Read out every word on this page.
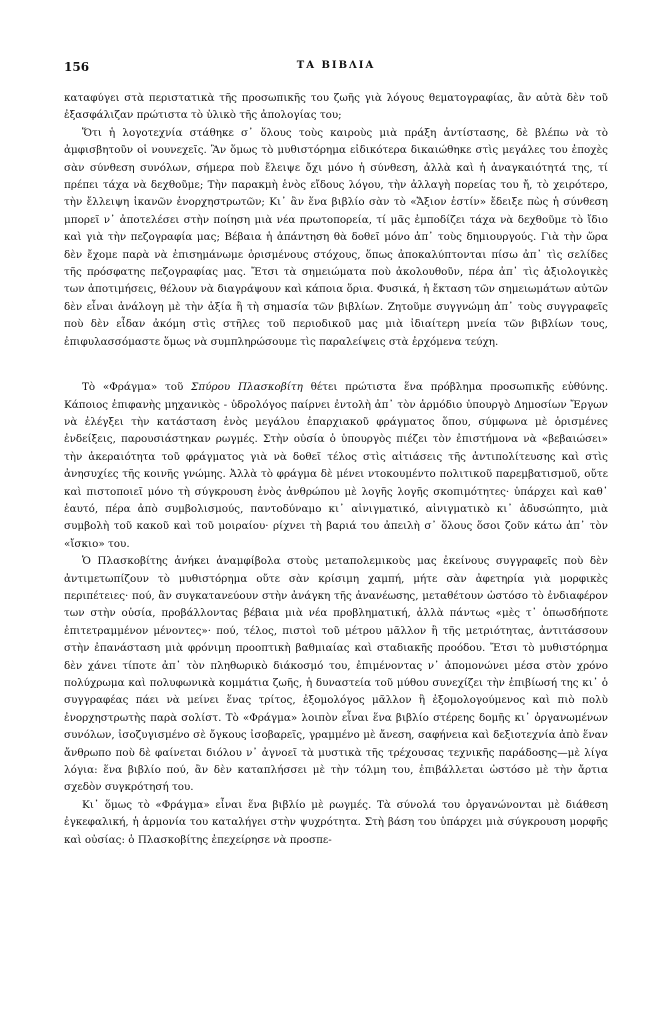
156	ΤΑ ΒΙΒΛΙΑ

καταφύγει στὰ περιστατικὰ τῆς προσωπικῆς του ζωῆς γιὰ λόγους θεματογραφίας, ἂν αὐτὰ δὲν τοῦ ἐξασφάλιζαν πρώτιστα τὸ ὑλικὸ τῆς ἀπολογίας του;

Ὅτι ἡ λογοτεχνία στάθηκε σ᾿ ὅλους τοὺς καιροὺς μιὰ πράξη ἀντίστασης, δὲ βλέπω νὰ τὸ ἀμφισβητοῦν οἱ νουνεχεῖς. Ἂν ὅμως τὸ μυθιστόρημα εἰδικότερα δικαιώθηκε στὶς μεγάλες του ἐποχὲς σὰν σύνθεση συνόλων, σήμερα ποὺ ἔλειψε ὄχι μόνο ἡ σύνθεση, ἀλλὰ καὶ ἡ ἀναγκαιότητά της, τί πρέπει τάχα νὰ δεχθοῦμε; Τὴν παρακμὴ ἑνὸς εἴδους λόγου, τὴν ἀλλαγὴ πορείας του ἤ, τὸ χειρότερο, τὴν ἔλλειψη ἱκανῶν ἐνορχηστρωτῶν; Κι᾿ ἂν ἕνα βιβλίο σὰν τὸ «Ἄξιον ἐστίν» ἔδειξε πὼς ἡ σύνθεση μπορεῖ ν᾿ ἀποτελέσει στὴν ποίηση μιὰ νέα πρωτοπορεία, τί μᾶς ἐμποδίζει τάχα νὰ δεχθοῦμε τὸ ἴδιο καὶ γιὰ τὴν πεζογραφία μας; Βέβαια ἡ ἀπάντηση θὰ δοθεῖ μόνο ἀπ᾿ τοὺς δημιουργούς. Γιὰ τὴν ὥρα δὲν ἔχομε παρὰ νὰ ἐπισημάνωμε ὁρισμένους στόχους, ὅπως ἀποκαλύπτονται πίσω ἀπ᾿ τὶς σελίδες τῆς πρόσφατης πεζογραφίας μας. Ἔτσι τὰ σημειώματα ποὺ ἀκολουθοῦν, πέρα ἀπ᾿ τὶς ἀξιολογικὲς των ἀποτιμήσεις, θέλουν νὰ διαγράψουν καὶ κάποια ὅρια. Φυσικά, ἡ ἔκταση τῶν σημειωμάτων αὐτῶν δὲν εἶναι ἀνάλογη μὲ τὴν ἀξία ἢ τὴ σημασία τῶν βιβλίων. Ζητοῦμε συγγνώμη ἀπ᾿ τοὺς συγγραφεῖς ποὺ δὲν εἶδαν ἀκόμη στὶς στῆλες τοῦ περιοδικοῦ μας μιὰ ἰδιαίτερη μνεία τῶν βιβλίων τους, ἐπιφυλασσόμαστε ὅμως νὰ συμπληρώσουμε τὶς παραλείψεις στὰ ἐρχόμενα τεύχη.

Τὸ «Φράγμα» τοῦ Σπύρου Πλασκοβίτη θέτει πρώτιστα ἕνα πρόβλημα προσωπικῆς εὐθύνης. Κάποιος ἐπιφανὴς μηχανικὸς - ὑδρολόγος παίρνει ἐντολὴ ἀπ᾿ τὸν ἁρμόδιο ὑπουργὸ Δημοσίων Ἔργων νὰ ἐλέγξει τὴν κατάσταση ἑνὸς μεγάλου ἐπαρχιακοῦ φράγματος ὅπου, σύμφωνα μὲ ὁρισμένες ἐνδείξεις, παρουσιάστηκαν ρωγμές. Στὴν οὐσία ὁ ὑπουργὸς πιέζει τὸν ἐπιστήμονα νὰ «βεβαιώσει» τὴν ἀκεραιότητα τοῦ φράγματος γιὰ νὰ δοθεῖ τέλος στὶς αἰτιάσεις τῆς ἀντιπολίτευσης καὶ στὶς ἀνησυχίες τῆς κοινῆς γνώμης. Ἀλλὰ τὸ φράγμα δὲ μένει ντοκουμέντο πολιτικοῦ παρεμβατισμοῦ, οὔτε καὶ πιστοποιεῖ μόνο τὴ σύγκρουση ἑνὸς ἀνθρώπου μὲ λογῆς λογῆς σκοπιμότητες· ὑπάρχει καὶ καθ᾿ ἑαυτό, πέρα ἀπὸ συμβολισμούς, παντοδύναμο κι᾿ αἰνιγματικό, αἰνιγματικὸ κι᾿ ἀδυσώπητο, μιὰ συμβολὴ τοῦ κακοῦ καὶ τοῦ μοιραίου· ρίχνει τὴ βαριά του ἀπειλὴ σ᾿ ὅλους ὅσοι ζοῦν κάτω ἀπ᾿ τὸν «ἴσκιο» του.

Ὁ Πλασκοβίτης ἀνήκει ἀναμφίβολα στοὺς μεταπολεμικοὺς μας ἐκείνους συγγραφεῖς ποὺ δὲν ἀντιμετωπίζουν τὸ μυθιστόρημα οὔτε σὰν κρίσιμη χαμπή, μήτε σὰν ἀφετηρία γιὰ μορφικὲς περιπέτειες· πού, ἂν συγκατανεύουν στὴν ἀνάγκη τῆς ἀνανέωσης, μεταθέτουν ὡστόσο τὸ ἐνδιαφέρον των στὴν οὐσία, προβάλλοντας βέβαια μιὰ νέα προβληματική, ἀλλὰ πάντως «μὲς τ᾿ ὁπωσδήποτε ἐπιτετραμμένον μένοντες»· πού, τέλος, πιστοὶ τοῦ μέτρου μᾶλλον ἢ τῆς μετριότητας, ἀντιτάσσουν στὴν ἐπανάσταση μιὰ φρόνιμη προοπτικὴ βαθμιαίας καὶ σταδιακῆς προόδου. Ἔτσι τὸ μυθιστόρημα δὲν χάνει τίποτε ἀπ᾿ τὸν πληθωρικὸ διάκοσμό του, ἐπιμένοντας ν᾿ ἀπομονώνει μέσα στὸν χρόνο πολύχρωμα καὶ πολυφωνικὰ κομμάτια ζωῆς, ἡ δυναστεία τοῦ μύθου συνεχίζει τὴν ἐπιβίωσή της κι᾿ ὁ συγγραφέας πάει νὰ μείνει ἕνας τρίτος, ἐξομολόγος μᾶλλον ἢ ἐξομολογούμενος καὶ πιὸ πολὺ ἐνορχηστρωτὴς παρὰ σολίστ. Τὸ «Φράγμα» λοιπὸν εἶναι ἕνα βιβλίο στέρεης δομῆς κι᾿ ὀργανωμένων συνόλων, ἰσοζυγισμένο σὲ ὄγκους ἰσοβαρεῖς, γραμμένο μὲ ἄνεση, σαφήνεια καὶ δεξιοτεχνία ἀπὸ ἕναν ἄνθρωπο ποὺ δὲ φαίνεται διόλου ν᾿ ἀγνοεῖ τὰ μυστικὰ τῆς τρέχουσας τεχνικῆς παράδοσης—μὲ λίγα λόγια: ἕνα βιβλίο πού, ἂν δὲν καταπλήσσει μὲ τὴν τόλμη του, ἐπιβάλλεται ὡστόσο μὲ τὴν ἄρτια σχεδὸν συγκρότησή του.

Κι᾿ ὅμως τὸ «Φράγμα» εἶναι ἕνα βιβλίο μὲ ρωγμές. Τὰ σύνολά του ὀργανώνονται μὲ διάθεση ἐγκεφαλική, ἡ ἁρμονία του καταλήγει στὴν ψυχρότητα. Στὴ βάση του ὑπάρχει μιὰ σύγκρουση μορφῆς καὶ οὐσίας: ὁ Πλασκοβίτης ἐπεχείρησε νὰ προσπε-
